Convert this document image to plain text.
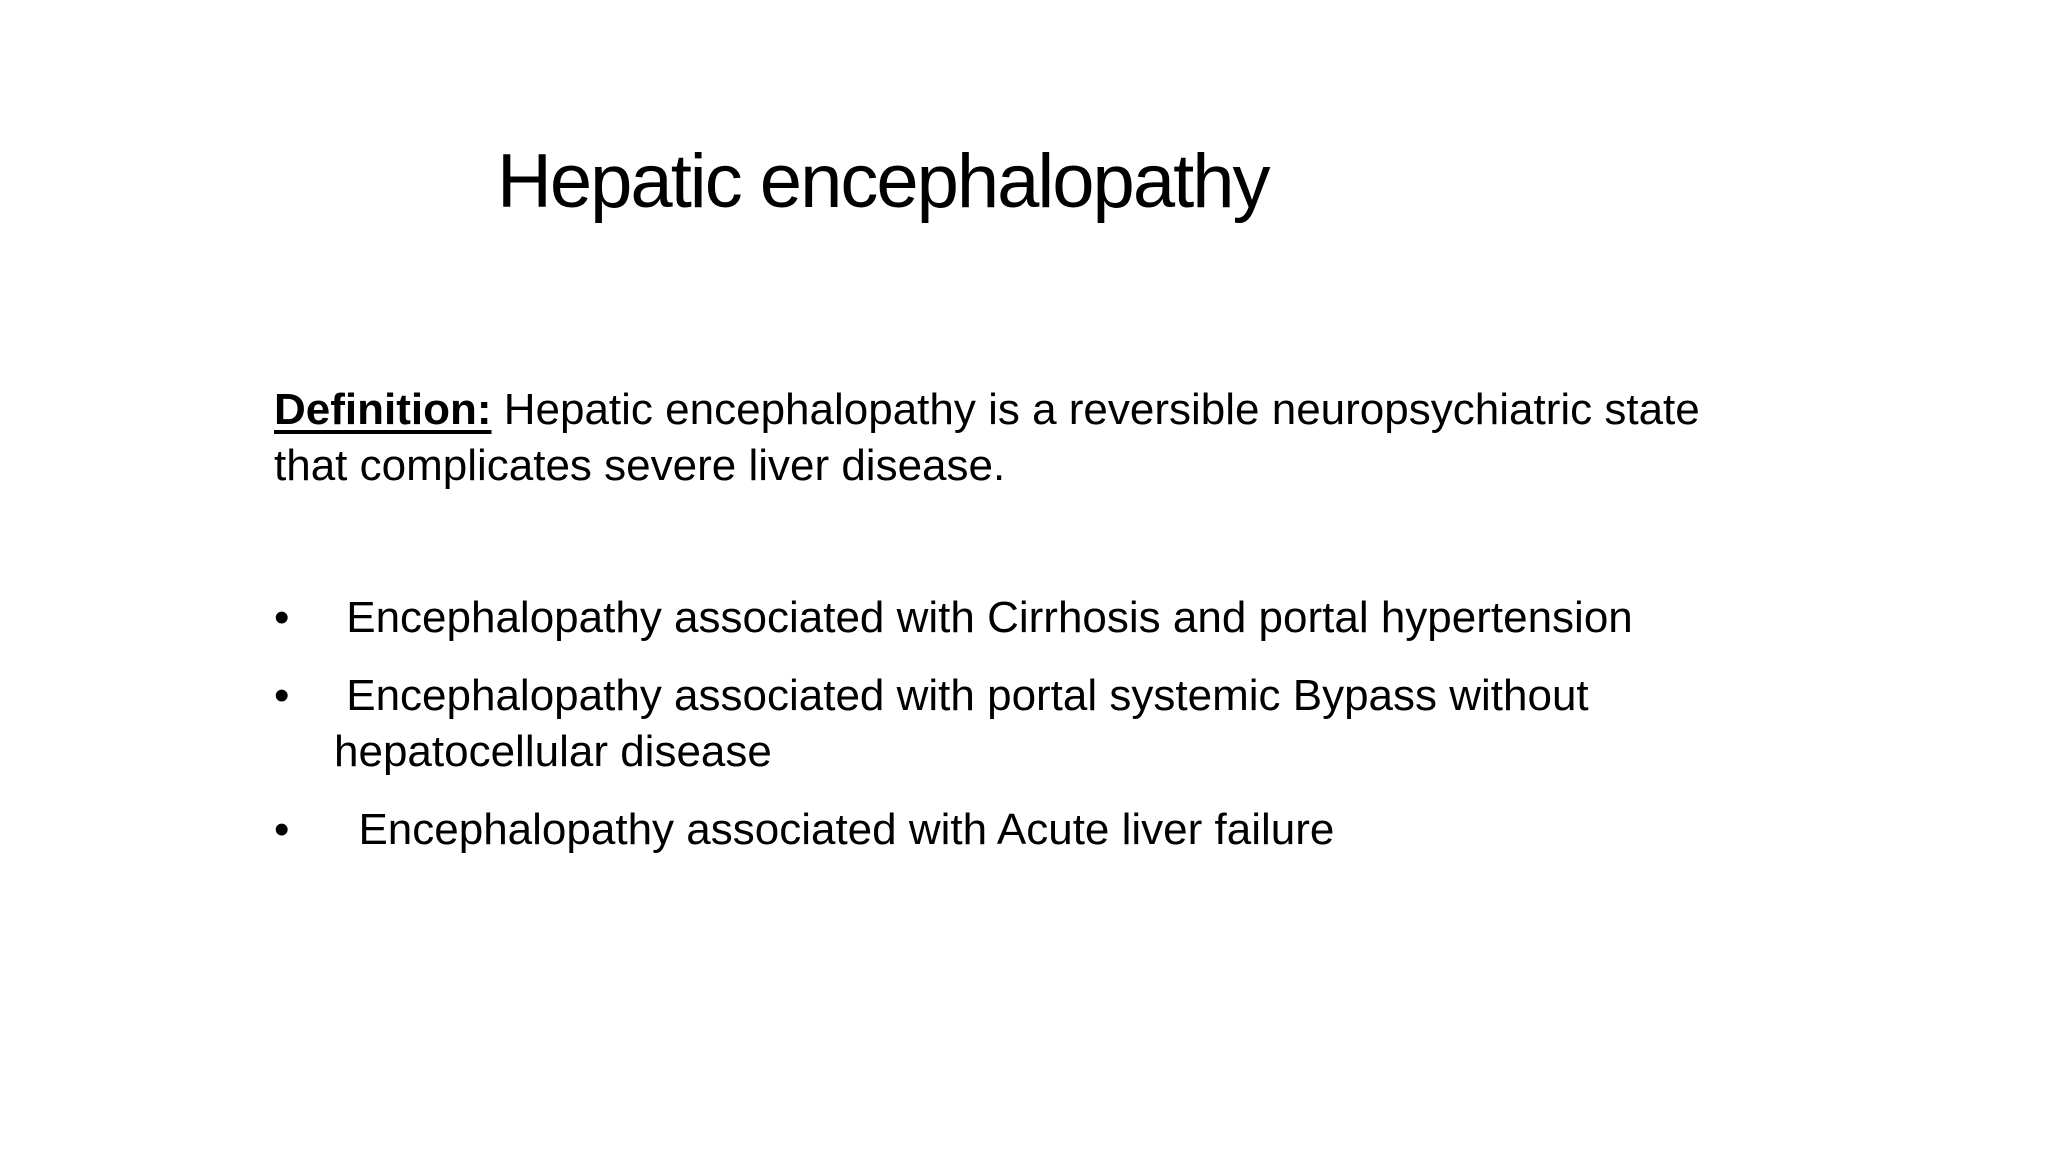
Hepatic encephalopathy

Definition: Hepatic encephalopathy is a reversible neuropsychiatric state that complicates severe liver disease.

• Encephalopathy associated with Cirrhosis and portal hypertension
• Encephalopathy associated with portal systemic Bypass without hepatocellular disease
• Encephalopathy associated with Acute liver failure
